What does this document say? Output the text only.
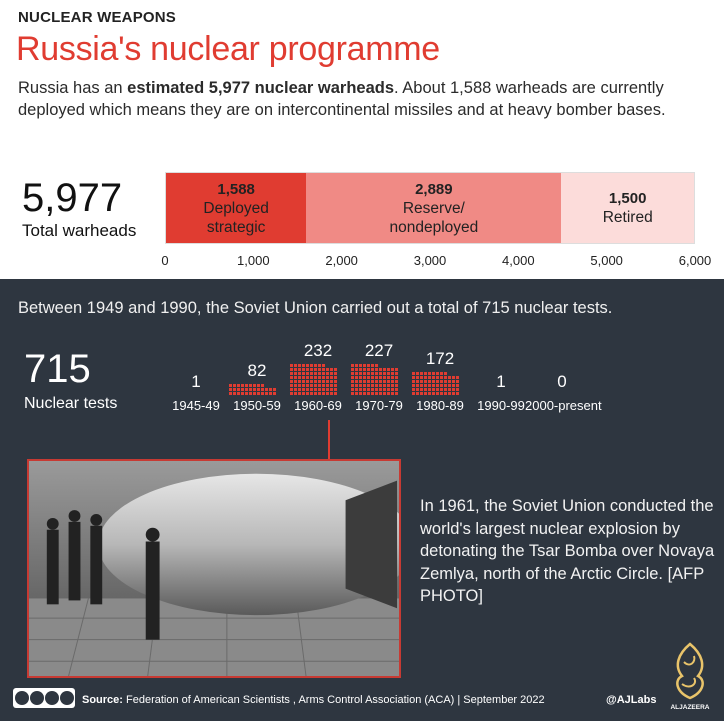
NUCLEAR WEAPONS
Russia's nuclear programme

Russia has an estimated 5,977 nuclear warheads. About 1,588 warheads are currently deployed which means they are on intercontinental missiles and at heavy bomber bases.

5,977
Total warheads
1,588
Deployed
strategic
2,889
Reserve/
nondeployed
1,500
Retired
0	1,000	2,000	3,000	4,000	5,000	6,000
Between 1949 and 1990, the Soviet Union carried out a total of 715 nuclear tests.
715
Nuclear tests
1
1945-49
82
1950-59
232
1960-69
227
1970-79
172
1980-89
1
1990-99
0
2000-present

In 1961, the Soviet Union conducted the world's largest nuclear explosion by detonating the Tsar Bomba over Novaya Zemlya, north of the Arctic Circle. [AFP PHOTO]

ALJAZEERA
Source: Federation of American Scientists , Arms Control Association (ACA) | September 2022	@AJLabs
